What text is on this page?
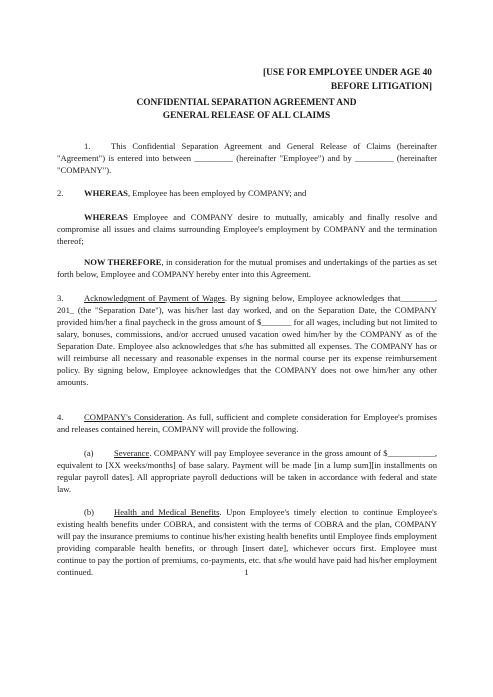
[USE FOR EMPLOYEE UNDER AGE 40
BEFORE LITIGATION]
CONFIDENTIAL SEPARATION AGREEMENT AND
GENERAL RELEASE OF ALL CLAIMS
1. This Confidential Separation Agreement and General Release of Claims (hereinafter "Agreement") is entered into between _________ (hereinafter "Employee") and by _________ (hereinafter "COMPANY").
2. WHEREAS, Employee has been employed by COMPANY; and
WHEREAS Employee and COMPANY desire to mutually, amicably and finally resolve and compromise all issues and claims surrounding Employee's employment by COMPANY and the termination thereof;
NOW THEREFORE, in consideration for the mutual promises and undertakings of the parties as set forth below, Employee and COMPANY hereby enter into this Agreement.
3. Acknowledgment of Payment of Wages. By signing below, Employee acknowledges that________, 201_ (the "Separation Date"), was his/her last day worked, and on the Separation Date, the COMPANY provided him/her a final paycheck in the gross amount of $_______ for all wages, including but not limited to salary, bonuses, commissions, and/or accrued unused vacation owed him/her by the COMPANY as of the Separation Date. Employee also acknowledges that s/he has submitted all expenses. The COMPANY has or will reimburse all necessary and reasonable expenses in the normal course per its expense reimbursement policy. By signing below, Employee acknowledges that the COMPANY does not owe him/her any other amounts.
4. COMPANY's Consideration. As full, sufficient and complete consideration for Employee's promises and releases contained herein, COMPANY will provide the following.
(a) Severance. COMPANY will pay Employee severance in the gross amount of $___________, equivalent to [XX weeks/months] of base salary. Payment will be made [in a lump sum][in installments on regular payroll dates]. All appropriate payroll deductions will be taken in accordance with federal and state law.
(b) Health and Medical Benefits. Upon Employee's timely election to continue Employee's existing health benefits under COBRA, and consistent with the terms of COBRA and the plan, COMPANY will pay the insurance premiums to continue his/her existing health benefits until Employee finds employment providing comparable health benefits, or through [insert date], whichever occurs first. Employee must continue to pay the portion of premiums, co-payments, etc. that s/he would have paid had his/her employment continued.	1
